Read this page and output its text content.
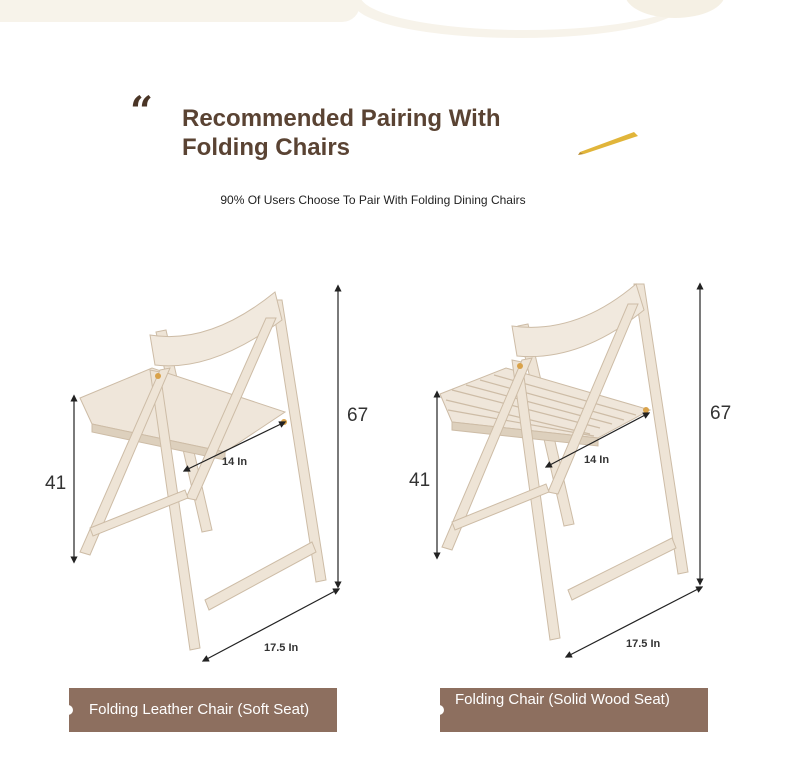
“ Recommended Pairing With
Folding Chairs

90% Of Users Choose To Pair With Folding Dining Chairs

67
41
14 In
17.5 In
67
41
14 In
17.5 In
Folding Leather Chair (Soft Seat)
Folding Chair (Solid Wood Seat)
